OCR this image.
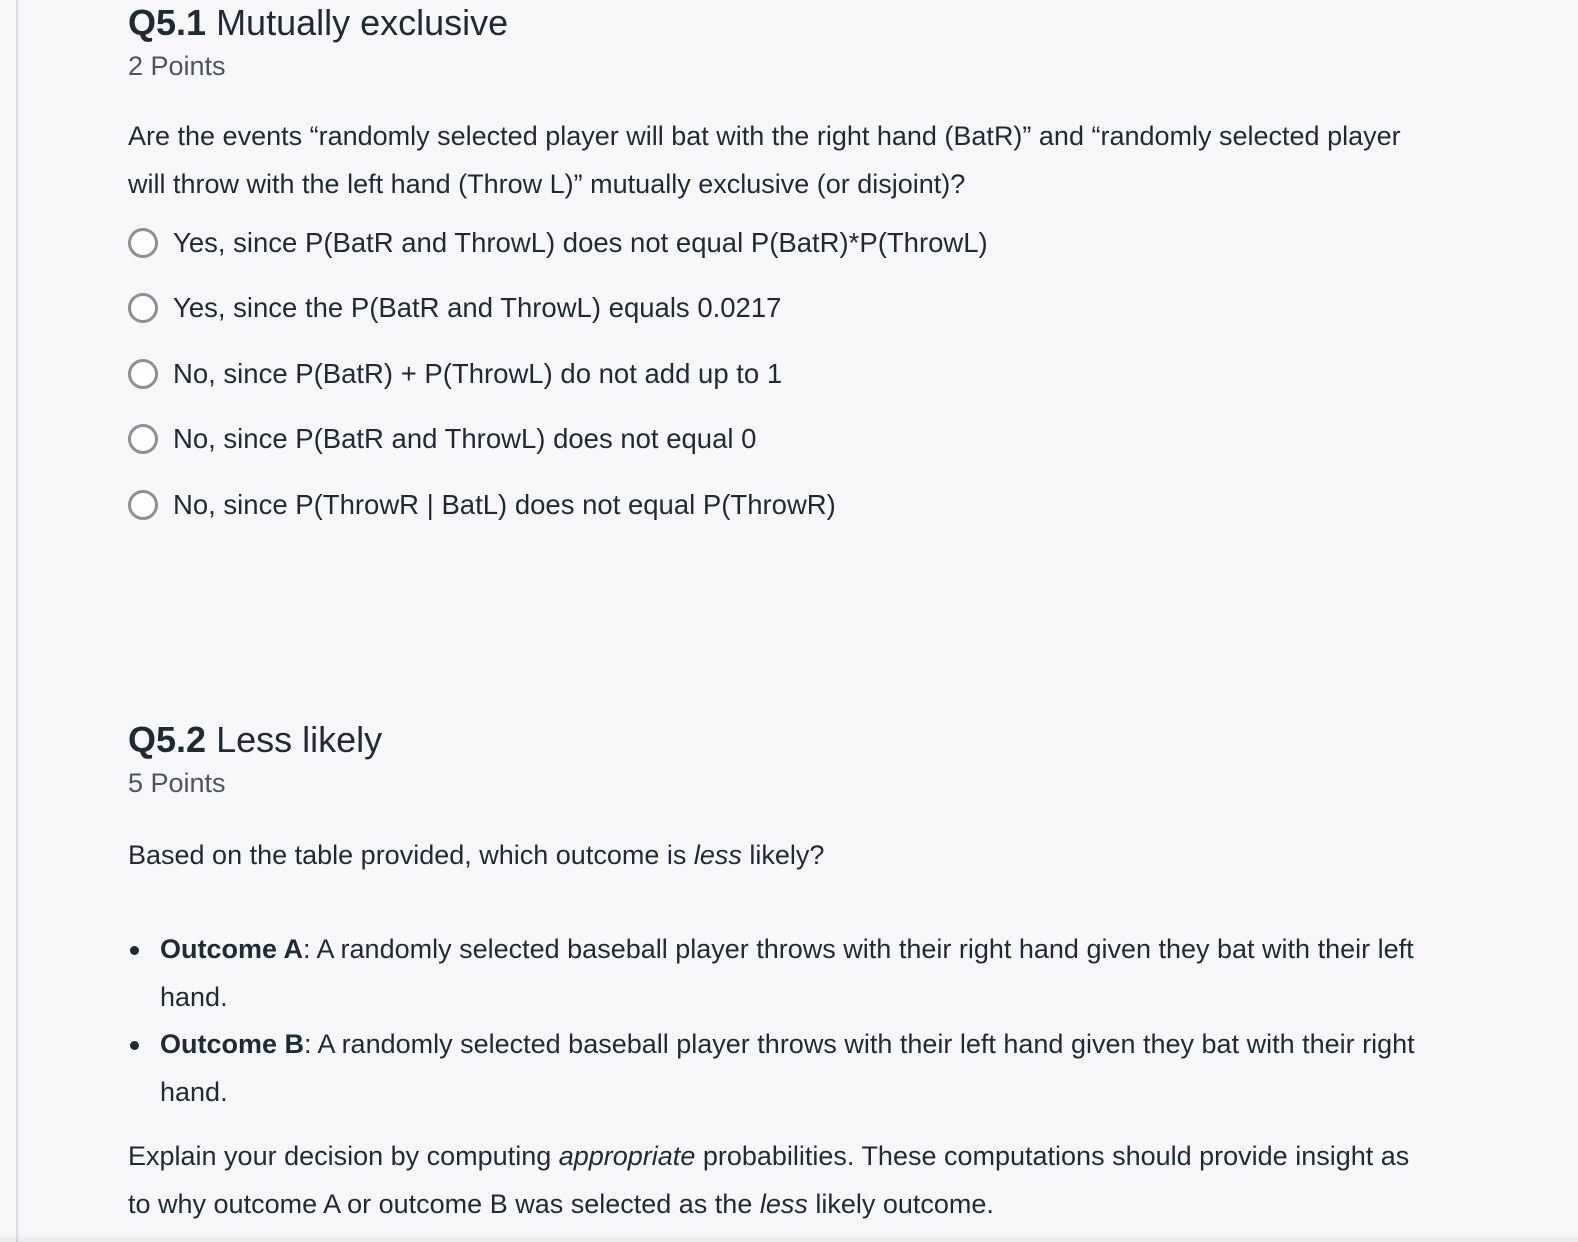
Q5.1 Mutually exclusive
2 Points

Are the events “randomly selected player will bat with the right hand (BatR)” and “randomly selected player will throw with the left hand (Throw L)” mutually exclusive (or disjoint)?

Yes, since P(BatR and ThrowL) does not equal P(BatR)*P(ThrowL)
Yes, since the P(BatR and ThrowL) equals 0.0217
No, since P(BatR) + P(ThrowL) do not add up to 1
No, since P(BatR and ThrowL) does not equal 0
No, since P(ThrowR | BatL) does not equal P(ThrowR)
Q5.2 Less likely
5 Points

Based on the table provided, which outcome is less likely?

Outcome A: A randomly selected baseball player throws with their right hand given they bat with their left hand.
Outcome B: A randomly selected baseball player throws with their left hand given they bat with their right hand.

Explain your decision by computing appropriate probabilities. These computations should provide insight as to why outcome A or outcome B was selected as the less likely outcome.
